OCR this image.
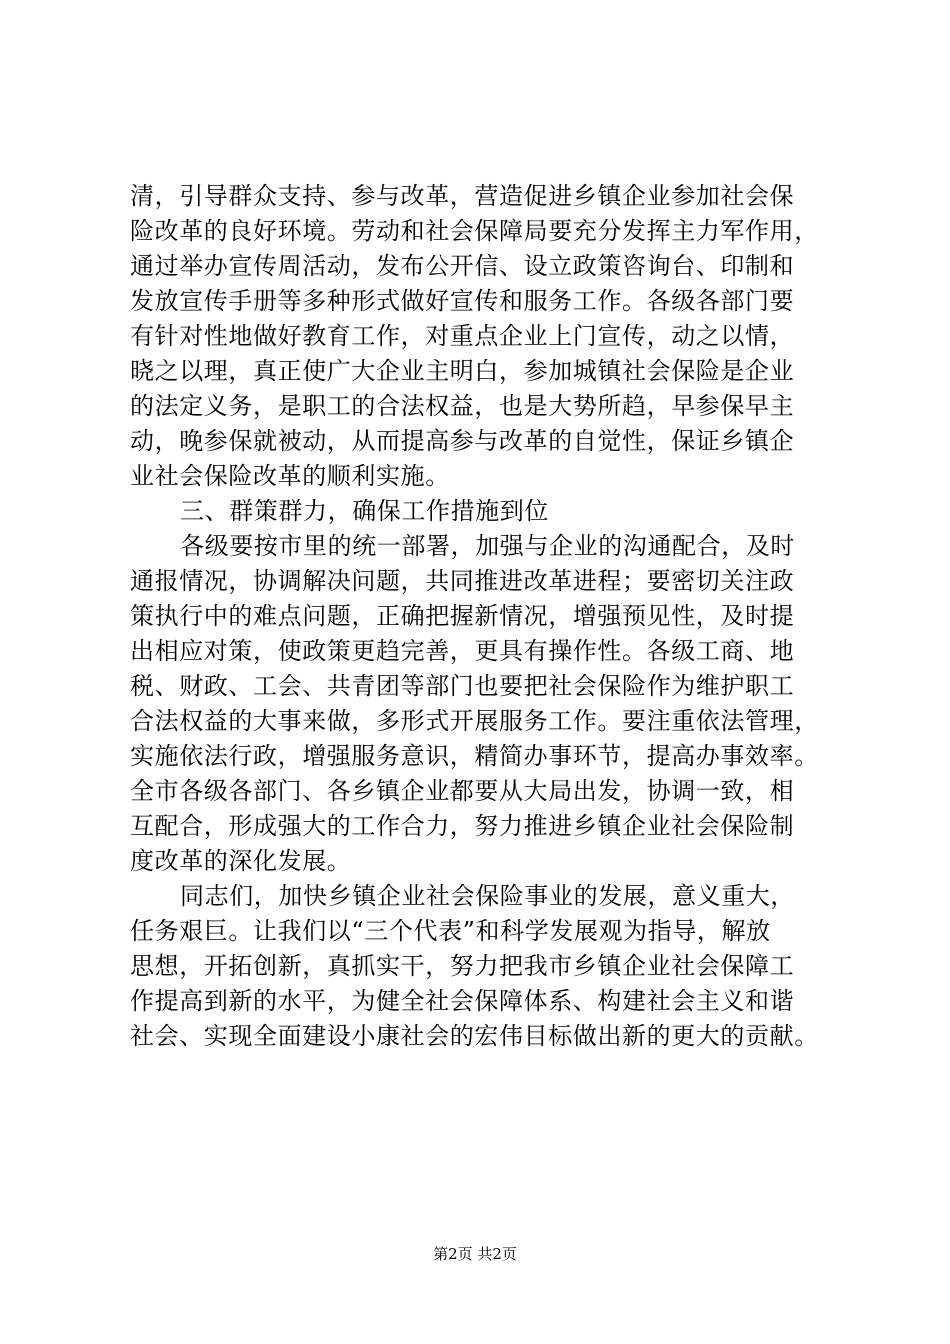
清，引导群众支持、参与改革，营造促进乡镇企业参加社会保
险改革的良好环境。劳动和社会保障局要充分发挥主力军作用，
通过举办宣传周活动，发布公开信、设立政策咨询台、印制和
发放宣传手册等多种形式做好宣传和服务工作。各级各部门要
有针对性地做好教育工作，对重点企业上门宣传，动之以情，
晓之以理，真正使广大企业主明白，参加城镇社会保险是企业
的法定义务，是职工的合法权益，也是大势所趋，早参保早主
动，晚参保就被动，从而提高参与改革的自觉性，保证乡镇企
业社会保险改革的顺利实施。
三、群策群力，确保工作措施到位
各级要按市里的统一部署，加强与企业的沟通配合，及时
通报情况，协调解决问题，共同推进改革进程；要密切关注政
策执行中的难点问题，正确把握新情况，增强预见性，及时提
出相应对策，使政策更趋完善，更具有操作性。各级工商、地
税、财政、工会、共青团等部门也要把社会保险作为维护职工
合法权益的大事来做，多形式开展服务工作。要注重依法管理，
实施依法行政，增强服务意识，精简办事环节，提高办事效率。
全市各级各部门、各乡镇企业都要从大局出发，协调一致，相
互配合，形成强大的工作合力，努力推进乡镇企业社会保险制
度改革的深化发展。
同志们，加快乡镇企业社会保险事业的发展，意义重大，
任务艰巨。让我们以“三个代表”和科学发展观为指导，解放
思想，开拓创新，真抓实干，努力把我市乡镇企业社会保障工
作提高到新的水平，为健全社会保障体系、构建社会主义和谐
社会、实现全面建设小康社会的宏伟目标做出新的更大的贡献。
第2页 共2页
